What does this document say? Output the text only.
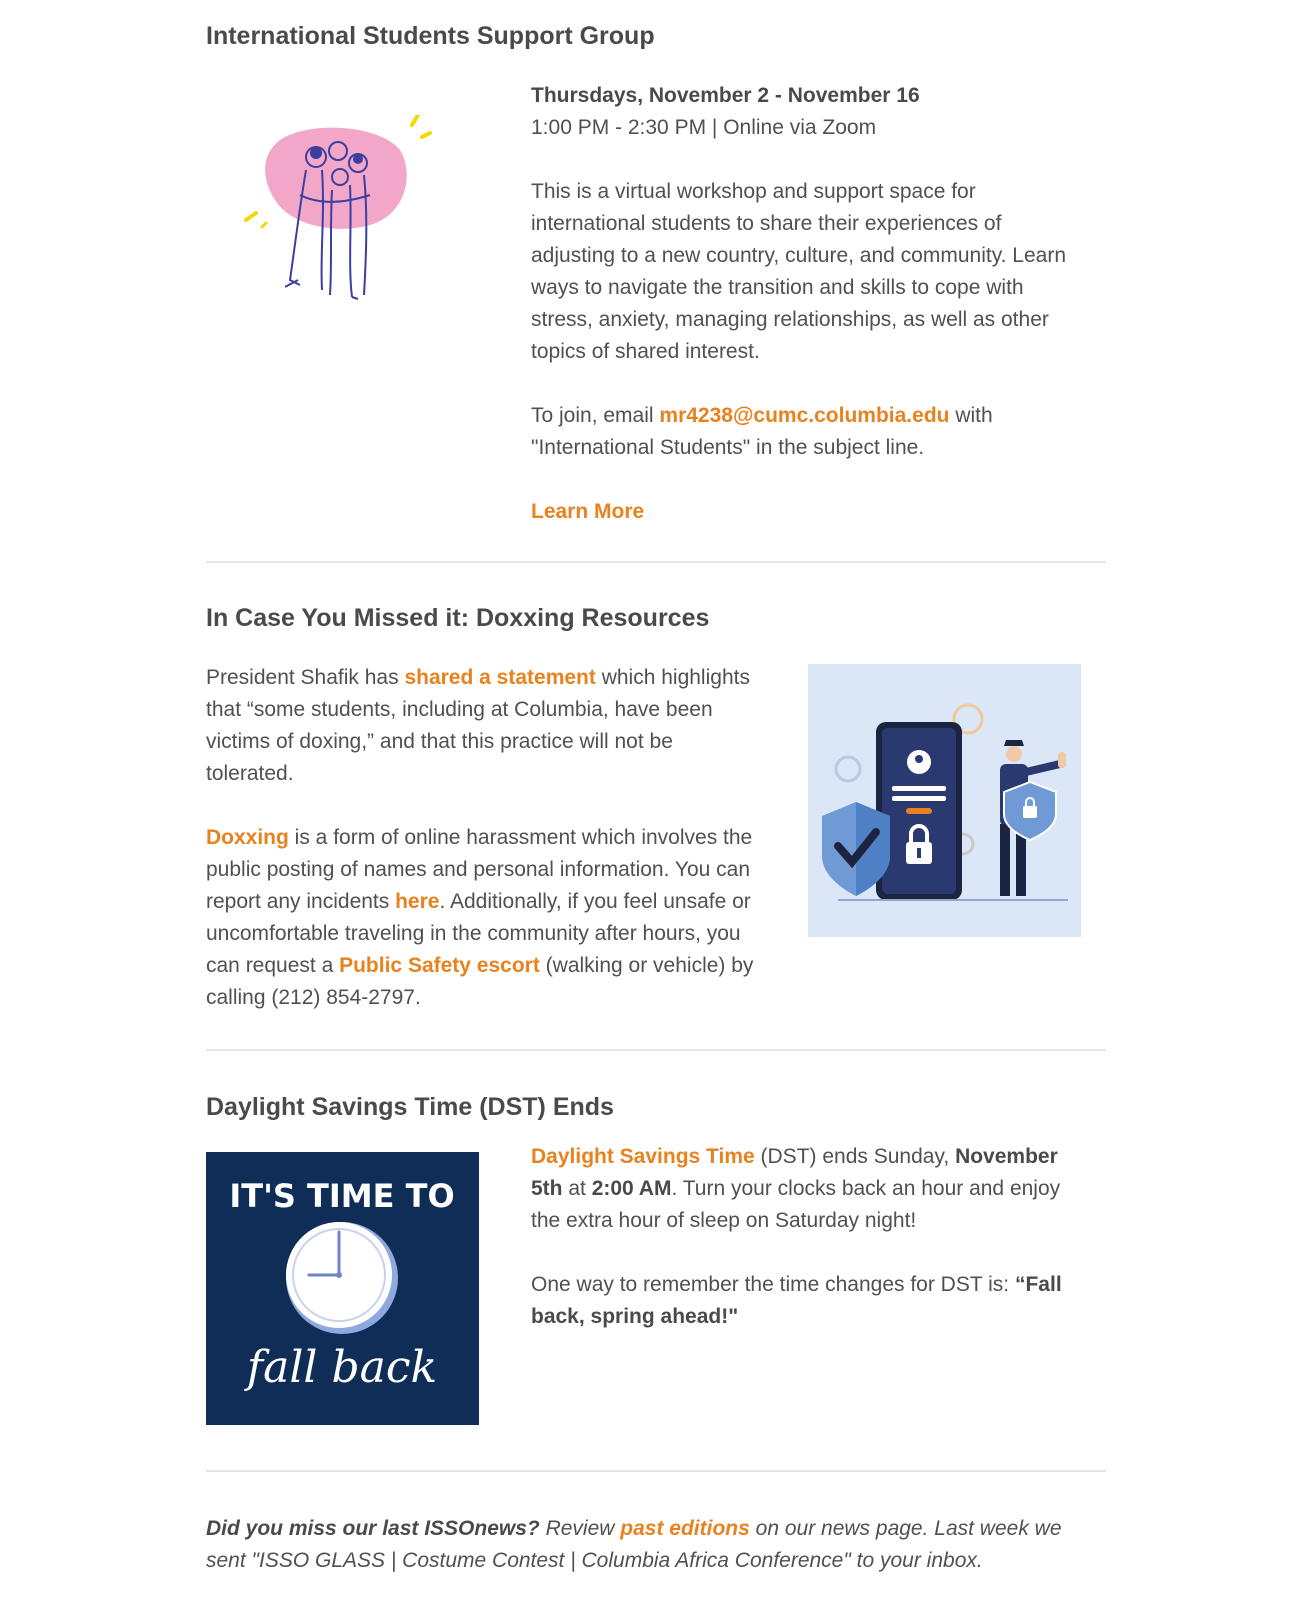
International Students Support Group

Thursdays, November 2 - November 16

1:00 PM - 2:30 PM | Online via Zoom

This is a virtual workshop and support space for international students to share their experiences of adjusting to a new country, culture, and community. Learn ways to navigate the transition and skills to cope with stress, anxiety, managing relationships, as well as other topics of shared interest.

To join, email mr4238@cumc.columbia.edu with "International Students" in the subject line.

Learn More

In Case You Missed it: Doxxing Resources

President Shafik has shared a statement which highlights that “some students, including at Columbia, have been victims of doxing,” and that this practice will not be tolerated.

Doxxing is a form of online harassment which involves the public posting of names and personal information. You can report any incidents here. Additionally, if you feel unsafe or uncomfortable traveling in the community after hours, you can request a Public Safety escort (walking or vehicle) by calling (212) 854-2797.

Daylight Savings Time (DST) Ends
IT'S TIME TO
fall back

Daylight Savings Time (DST) ends Sunday, November 5th at 2:00 AM. Turn your clocks back an hour and enjoy the extra hour of sleep on Saturday night!

One way to remember the time changes for DST is: “Fall back, spring ahead!"

Did you miss our last ISSOnews? Review past editions on our news page. Last week we sent "ISSO GLASS | Costume Contest | Columbia Africa Conference" to your inbox.
